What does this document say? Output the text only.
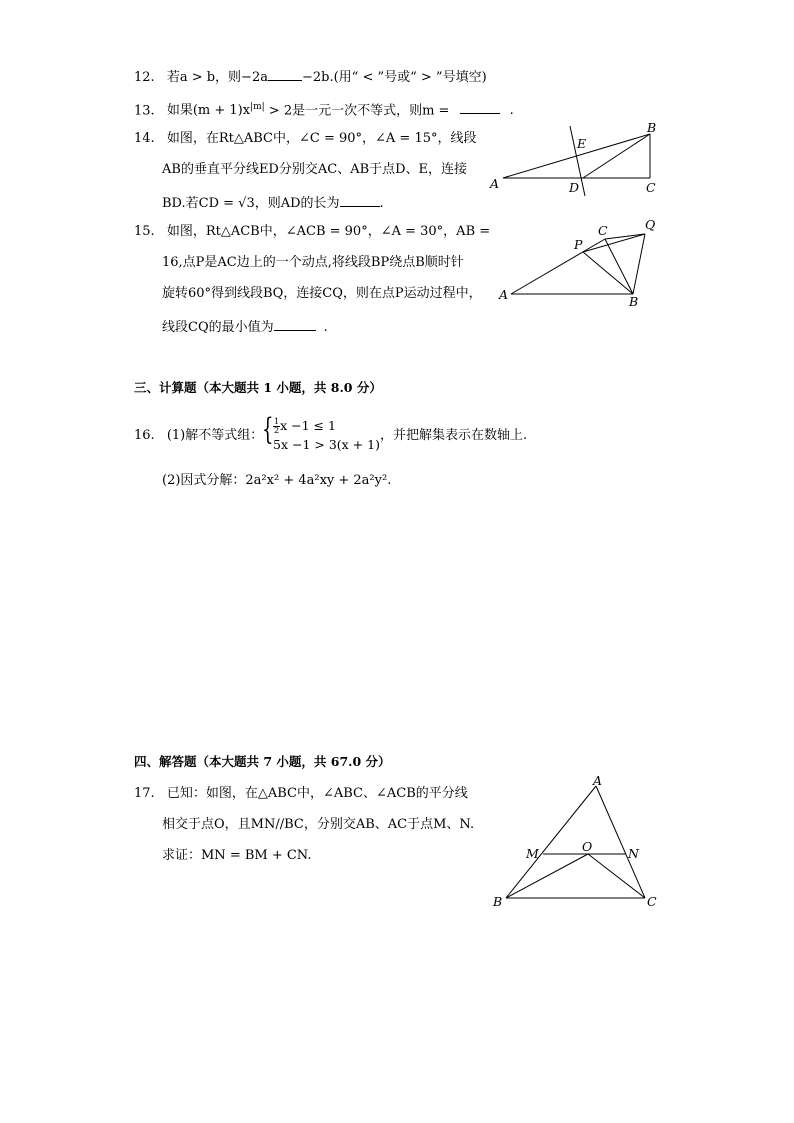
12. 若a > b，则−2a	−2b.(用“ < ”号或“ > ”号填空)
13. 如果$(m + 1)x^{|m|} > 2$是一元一次不等式，则m =	.
14. 如图，在Rt△ABC中，∠C = 90°，∠A = 15°，线段
AB的垂直平分线ED分别交AC、AB于点D、E，连接
BD.若CD = √3，则AD的长为	.
A
B
C
D
E
15. 如图，Rt△ACB中，∠ACB = 90°，∠A = 30°，AB =
16,点P是AC边上的一个动点,将线段BP绕点B顺时针
旋转60°得到线段BQ，连接CQ，则在点P运动过程中，
线段CQ的最小值为	.
A	B
C
P
Q
三、计算题（本大题共 1 小题，共 8.0 分）
16. (1)解不等式组：
{ $\frac{1}{2}$ x −1 ≤ 1
5x −1 > 3(x + 1)
，并把解集表示在数轴上.
(2)因式分解：2a²x² + 4a²xy + 2a²y².
四、解答题（本大题共 7 小题，共 67.0 分）
17. 已知：如图，在△ABC中，∠ABC、∠ACB的平分线
相交于点O，且MN//BC，分别交AB、AC于点M、N.
求证：MN = BM + CN.
A
B	C
M	N
O
